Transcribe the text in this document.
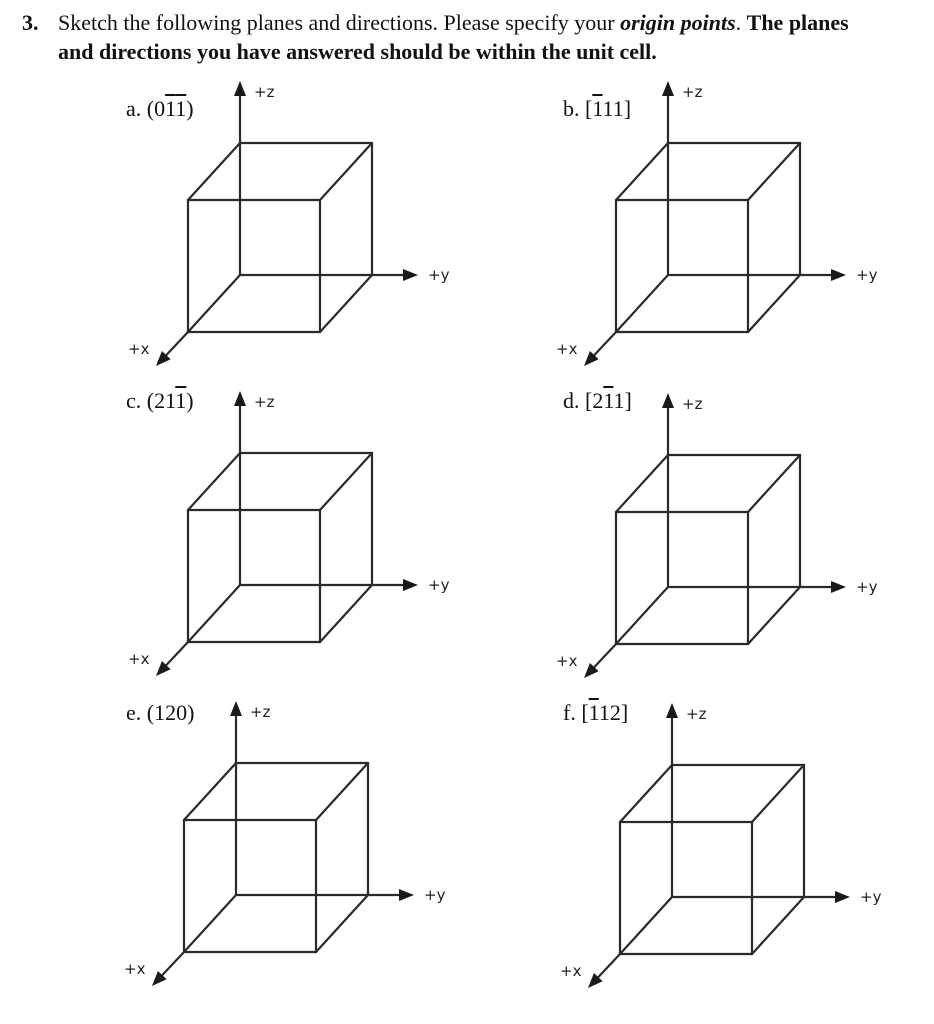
3. Sketch the following planes and directions. Please specify your origin points. The planes
and directions you have answered should be within the unit cell.
a. (011)	b. [111]
c. (211)	d. [211]
e. (120)	f. [112]
+z
+y
+x
+z
+y
+x
+z
+y
+x
+z
+y
+x
+z
+y
+x
+z
+y
+x
